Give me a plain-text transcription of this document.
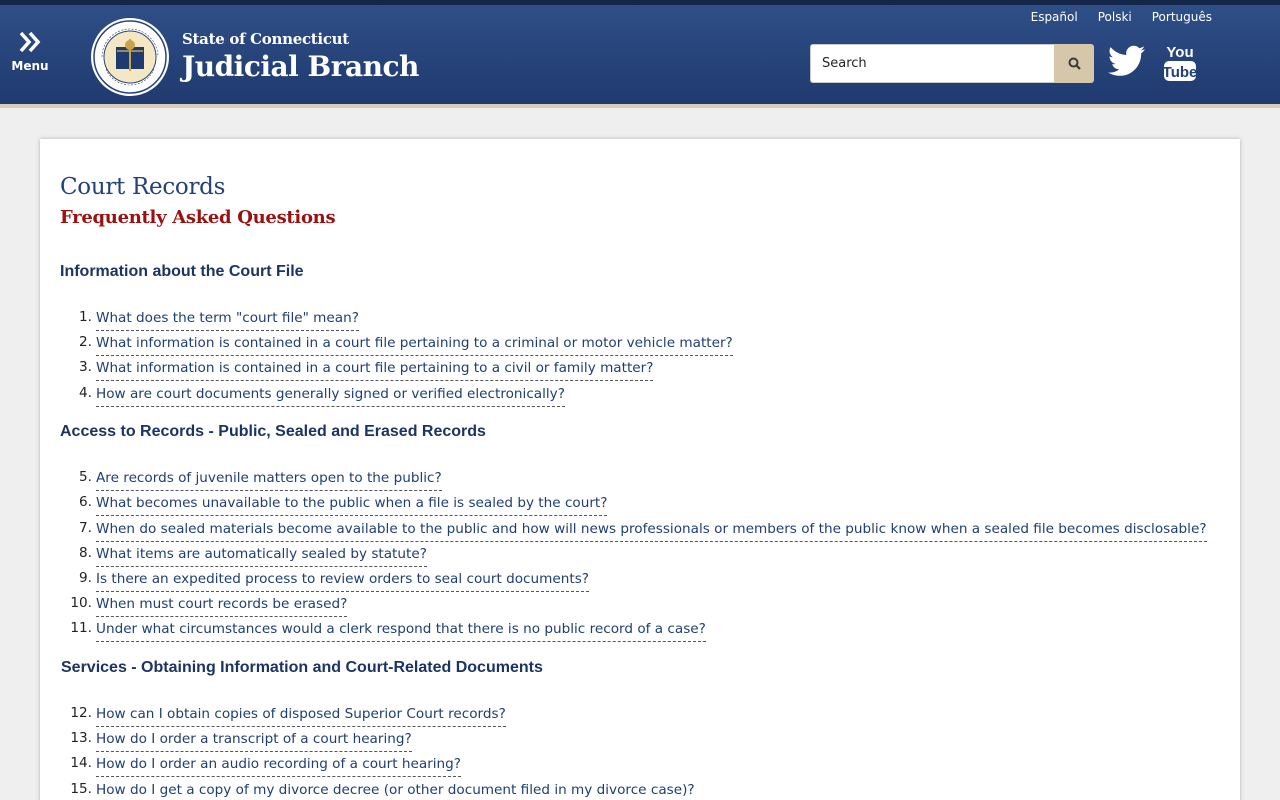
Menu
State of Connecticut
Judicial Branch
Español Polski Português
Search
You
Tube
Court Records
Frequently Asked Questions
Information about the Court File
1. What does the term "court file" mean?
2. What information is contained in a court file pertaining to a criminal or motor vehicle matter?
3. What information is contained in a court file pertaining to a civil or family matter?
4. How are court documents generally signed or verified electronically?
Access to Records - Public, Sealed and Erased Records
5. Are records of juvenile matters open to the public?
6. What becomes unavailable to the public when a file is sealed by the court?
7. When do sealed materials become available to the public and how will news professionals or members of the public know when a sealed file becomes disclosable?
8. What items are automatically sealed by statute?
9. Is there an expedited process to review orders to seal court documents?
10. When must court records be erased?
11. Under what circumstances would a clerk respond that there is no public record of a case?
Services - Obtaining Information and Court-Related Documents
12. How can I obtain copies of disposed Superior Court records?
13. How do I order a transcript of a court hearing?
14. How do I order an audio recording of a court hearing?
15. How do I get a copy of my divorce decree (or other document filed in my divorce case)?
